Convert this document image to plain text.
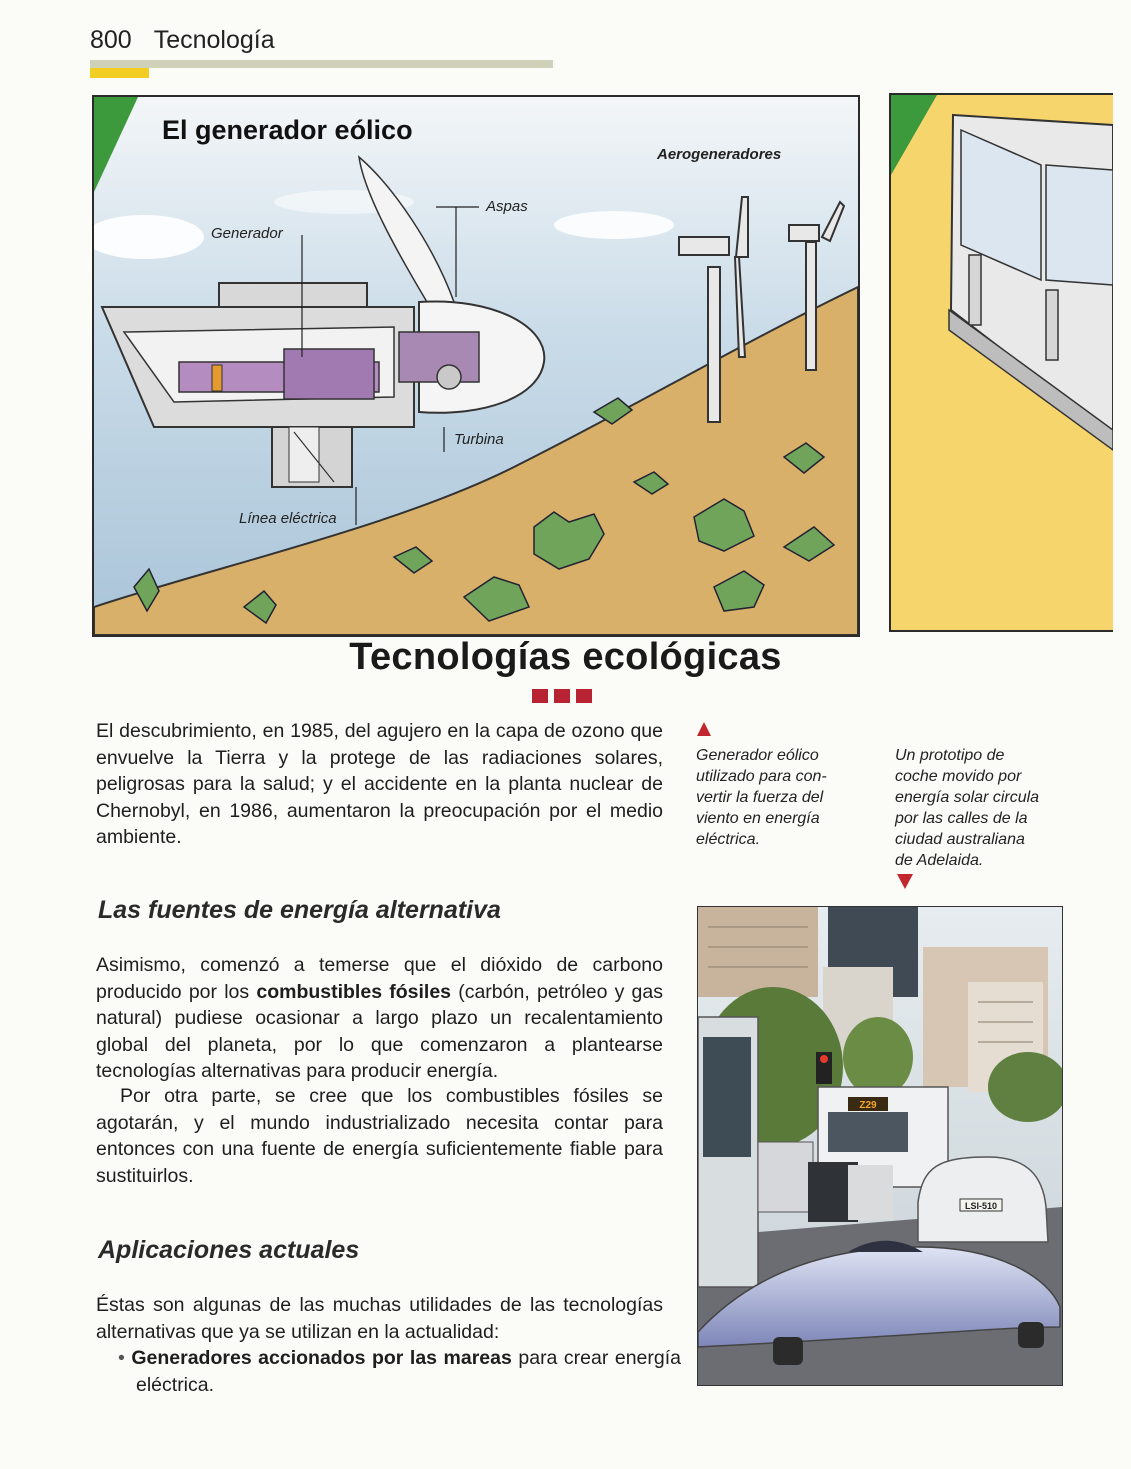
800 Tecnología
El generador eólico
Aerogeneradores
Aspas
Generador
Turbina
Línea eléctrica
Tecnologías ecológicas
El descubrimiento, en 1985, del agujero en la capa de ozono que envuelve la Tierra y la protege de las radiaciones solares, peligrosas para la salud; y el accidente en la planta nuclear de Chernobyl, en 1986, aumentaron la preocupación por el medio ambiente.
Generador eólico
utilizado para con-
vertir la fuerza del
viento en energía
eléctrica.
Un prototipo de
coche movido por
energía solar circula
por las calles de la
ciudad australiana
de Adelaida.
Las fuentes de energía alternativa
Asimismo, comenzó a temerse que el dióxido de carbono producido por los combustibles fósiles (carbón, petróleo y gas natural) pudiese ocasionar a largo plazo un recalentamiento global del planeta, por lo que comenzaron a plantearse tecnologías alternativas para producir energía.
Por otra parte, se cree que los combustibles fósiles se agotarán, y el mundo industrializado necesita contar para entonces con una fuente de energía suficientemente fiable para sustituirlos.
Aplicaciones actuales
Éstas son algunas de las muchas utilidades de las tecnologías alternativas que ya se utilizan en la actualidad:
• Generadores accionados por las mareas para crear energía eléctrica.
Z29
LSI-510
